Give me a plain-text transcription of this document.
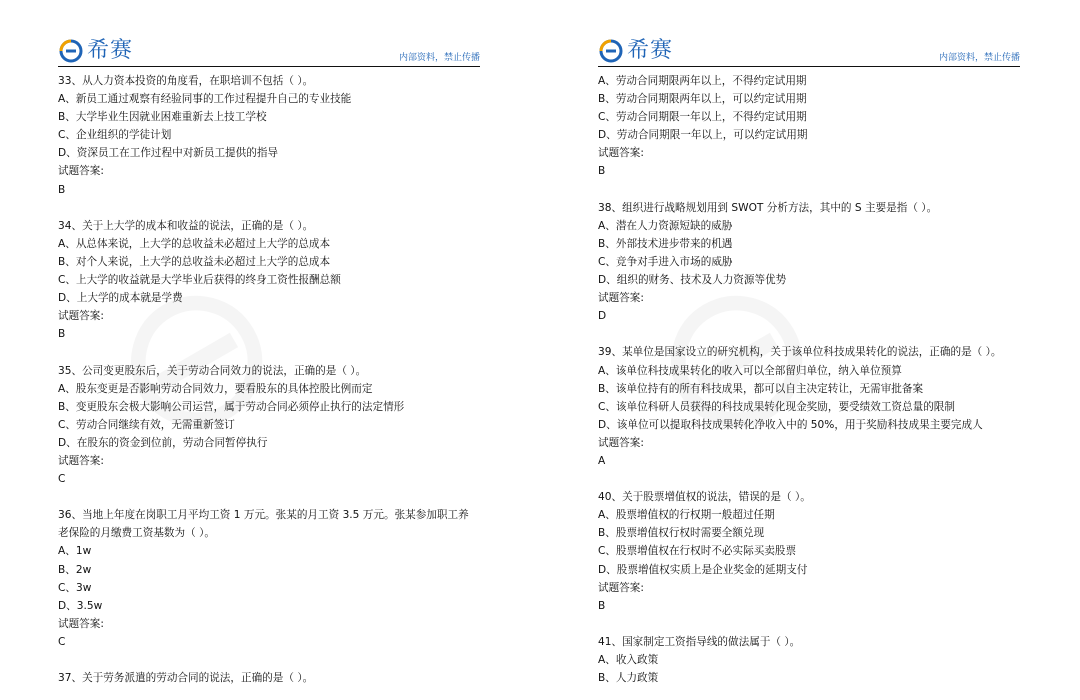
希赛	内部资料，禁止传播
33、从人力资本投资的角度看，在职培训不包括（ ）。
A、新员工通过观察有经验同事的工作过程提升自己的专业技能
B、大学毕业生因就业困难重新去上技工学校
C、企业组织的学徒计划
D、资深员工在工作过程中对新员工提供的指导
试题答案:
B
34、关于上大学的成本和收益的说法，正确的是（ ）。
A、从总体来说，上大学的总收益未必超过上大学的总成本
B、对个人来说，上大学的总收益未必超过上大学的总成本
C、上大学的收益就是大学毕业后获得的终身工资性报酬总额
D、上大学的成本就是学费
试题答案:
B
35、公司变更股东后，关于劳动合同效力的说法，正确的是（ ）。
A、股东变更是否影响劳动合同效力，要看股东的具体控股比例而定
B、变更股东会极大影响公司运营，属于劳动合同必须停止执行的法定情形
C、劳动合同继续有效，无需重新签订
D、在股东的资金到位前，劳动合同暂停执行
试题答案:
C
36、当地上年度在岗职工月平均工资 1 万元。张某的月工资 3.5 万元。张某参加职工养
老保险的月缴费工资基数为（ ）。
A、1w
B、2w
C、3w
D、3.5w
试题答案:
C
37、关于劳务派遣的劳动合同的说法，正确的是（ ）。
希赛	内部资料，禁止传播
A、劳动合同期限两年以上，不得约定试用期
B、劳动合同期限两年以上，可以约定试用期
C、劳动合同期限一年以上，不得约定试用期
D、劳动合同期限一年以上，可以约定试用期
试题答案:
B
38、组织进行战略规划用到 SWOT 分析方法，其中的 S 主要是指（ ）。
A、潜在人力资源短缺的威胁
B、外部技术进步带来的机遇
C、竞争对手进入市场的威胁
D、组织的财务、技术及人力资源等优势
试题答案:
D
39、某单位是国家设立的研究机构，关于该单位科技成果转化的说法，正确的是（ ）。
A、该单位科技成果转化的收入可以全部留归单位，纳入单位预算
B、该单位持有的所有科技成果，都可以自主决定转让，无需审批备案
C、该单位科研人员获得的科技成果转化现金奖励，要受绩效工资总量的限制
D、该单位可以提取科技成果转化净收入中的 50%，用于奖励科技成果主要完成人
试题答案:
A
40、关于股票增值权的说法，错误的是（ ）。
A、股票增值权的行权期一般超过任期
B、股票增值权行权时需要全额兑现
C、股票增值权在行权时不必实际买卖股票
D、股票增值权实质上是企业奖金的延期支付
试题答案:
B
41、国家制定工资指导线的做法属于（ ）。
A、收入政策
B、人力政策
